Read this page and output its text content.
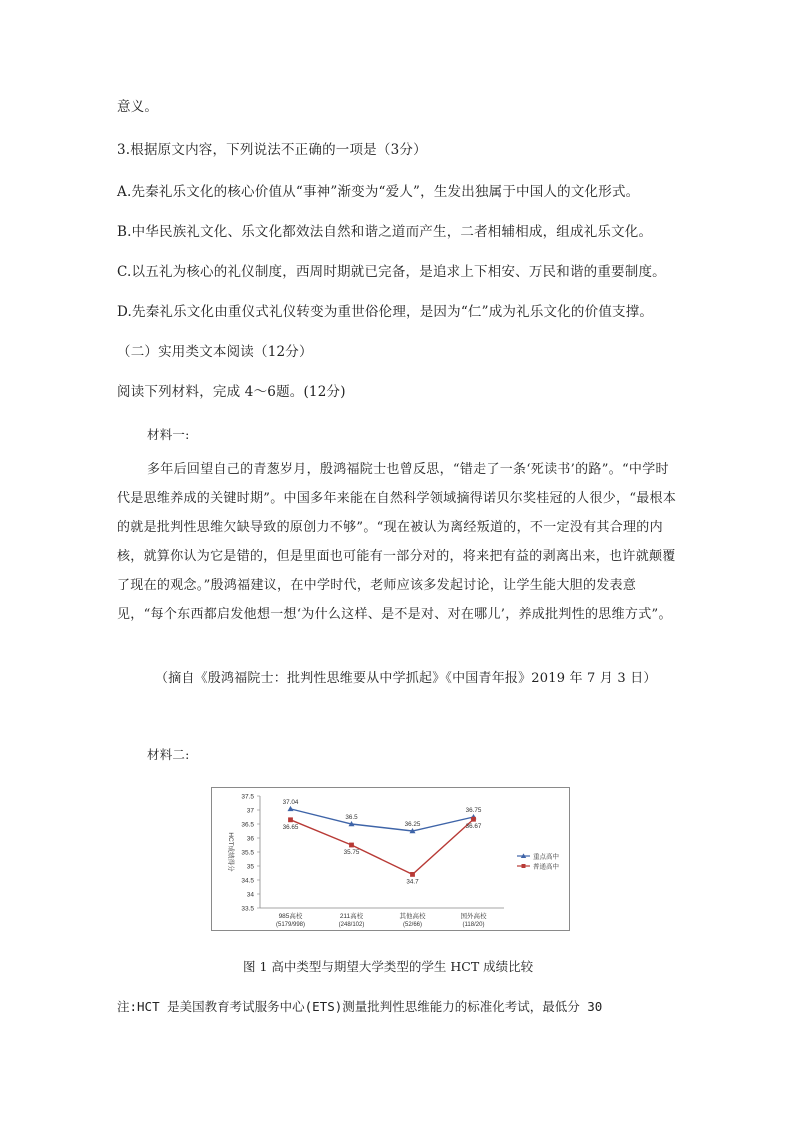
意义。
3.根据原文内容，下列说法不正确的一项是（3分）
A.先秦礼乐文化的核心价值从“事神”渐变为“爱人”，生发出独属于中国人的文化形式。
B.中华民族礼文化、乐文化都效法自然和谐之道而产生，二者相辅相成，组成礼乐文化。
C.以五礼为核心的礼仪制度，西周时期就已完备，是追求上下相安、万民和谐的重要制度。
D.先秦礼乐文化由重仪式礼仪转变为重世俗伦理，是因为“仁”成为礼乐文化的价值支撑。
（二）实用类文本阅读（12分）
阅读下列材料，完成 4～6题。(12分)
材料一:
多年后回望自己的青葱岁月，殷鸿福院士也曾反思，“错走了一条‘死读书’的路”。“中学时代是思维养成的关键时期”。中国多年来能在自然科学领域摘得诺贝尔奖桂冠的人很少，“最根本的就是批判性思维欠缺导致的原创力不够”。“现在被认为离经叛道的，不一定没有其合理的内核，就算你认为它是错的，但是里面也可能有一部分对的，将来把有益的剥离出来，也许就颠覆了现在的观念。”殷鸿福建议，在中学时代，老师应该多发起讨论，让学生能大胆的发表意见，“每个东西都启发他想一想‘为什么这样、是不是对、对在哪儿’，养成批判性的思维方式”。
（摘自《殷鸿福院士：批判性思维要从中学抓起》《中国青年报》2019 年 7 月 3 日）
材料二:
37.5
37
36.5
36
35.5
35
34.5
34
33.5
HCT成绩得分
985高校
(5179/998)
211高校
(248/102)
其他高校
(52/66)
国外高校
(118/20)
37.04
36.5
36.25
36.75
36.65
35.75
34.7
36.67
重点高中
普通高中
图 1 高中类型与期望大学类型的学生 HCT 成绩比较
注:HCT 是美国教育考试服务中心(ETS)测量批判性思维能力的标准化考试，最低分 30
